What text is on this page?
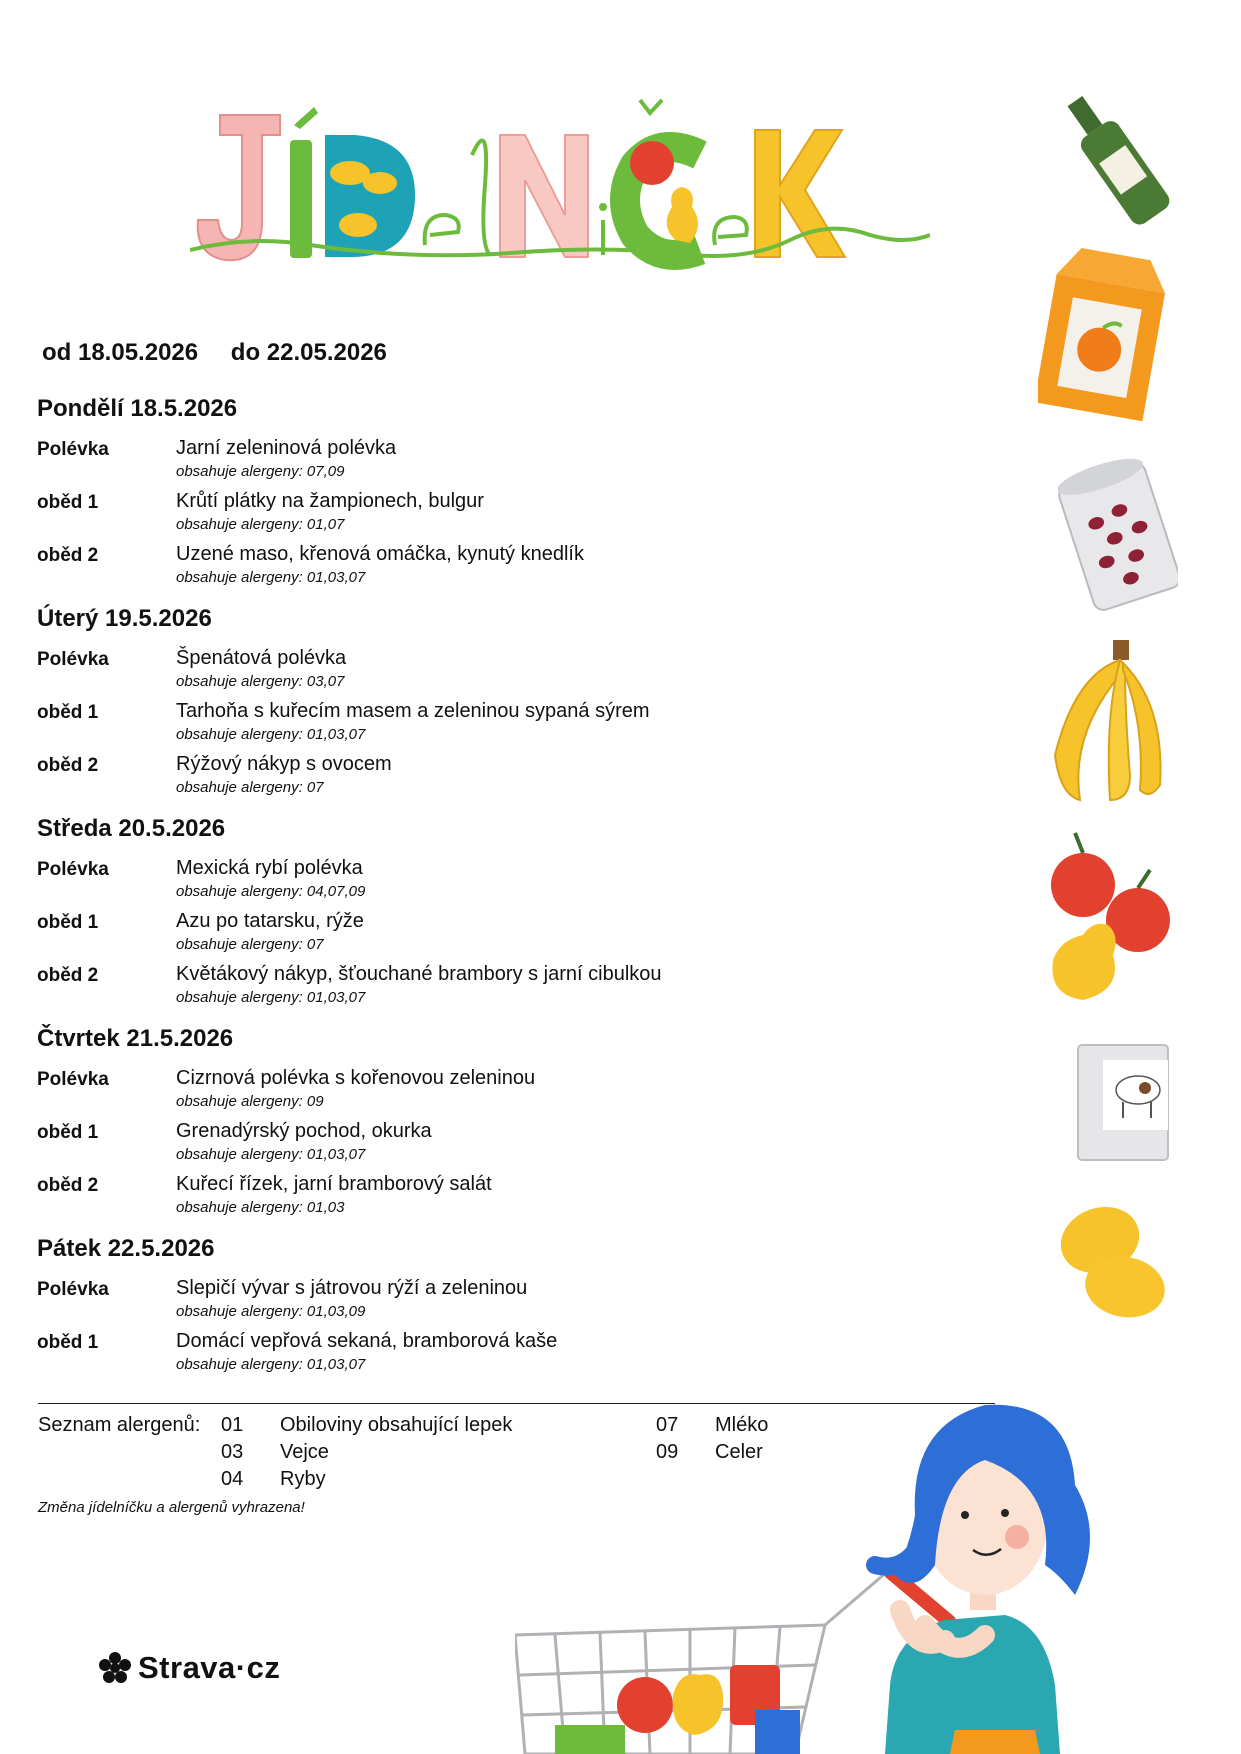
od 18.05.2026 do 22.05.2026
Pondělí 18.5.2026
Polévka	Jarní zeleninová polévka
obsahuje alergeny: 07,09
oběd 1	Krůtí plátky na žampionech, bulgur
obsahuje alergeny: 01,07
oběd 2	Uzené maso, křenová omáčka, kynutý knedlík
obsahuje alergeny: 01,03,07
Úterý 19.5.2026
Polévka	Špenátová polévka
obsahuje alergeny: 03,07
oběd 1	Tarhoňa s kuřecím masem a zeleninou sypaná sýrem
obsahuje alergeny: 01,03,07
oběd 2	Rýžový nákyp s ovocem
obsahuje alergeny: 07
Středa 20.5.2026
Polévka	Mexická rybí polévka
obsahuje alergeny: 04,07,09
oběd 1	Azu po tatarsku, rýže
obsahuje alergeny: 07
oběd 2	Květákový nákyp, šťouchané brambory s jarní cibulkou
obsahuje alergeny: 01,03,07
Čtvrtek 21.5.2026
Polévka	Cizrnová polévka s kořenovou zeleninou
obsahuje alergeny: 09
oběd 1	Grenadýrský pochod, okurka
obsahuje alergeny: 01,03,07
oběd 2	Kuřecí řízek, jarní bramborový salát
obsahuje alergeny: 01,03
Pátek 22.5.2026
Polévka	Slepičí vývar s játrovou rýží a zeleninou
obsahuje alergeny: 01,03,09
oběd 1	Domácí vepřová sekaná, bramborová kaše
obsahuje alergeny: 01,03,07
Seznam alergenů: 01 Obiloviny obsahující lepek
03 Vejce
04 Ryby
07 Mléko
09 Celer
Změna jídelníčku a alergenů vyhrazena!
Strava·cz
